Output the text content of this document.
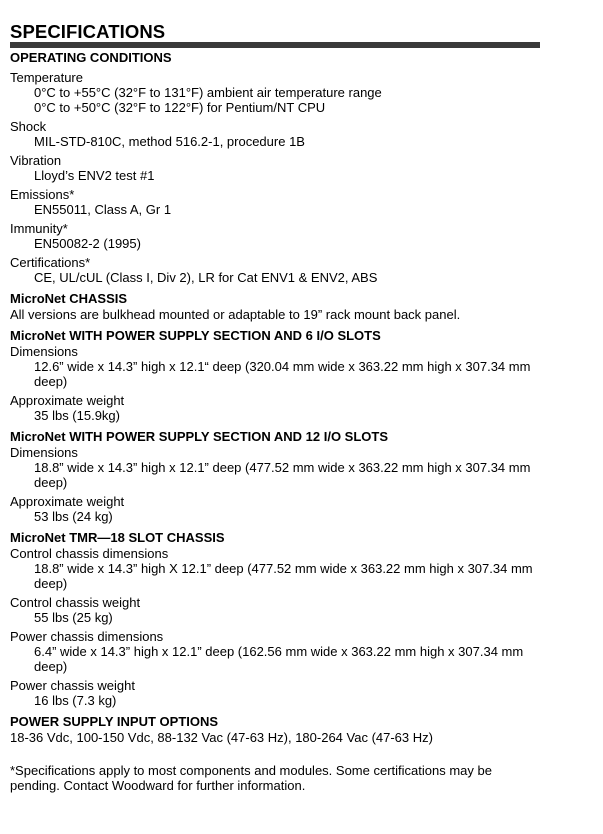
SPECIFICATIONS
OPERATING CONDITIONS
Temperature
0°C to +55°C (32°F to 131°F) ambient air temperature range
0°C to +50°C (32°F to 122°F) for Pentium/NT CPU
Shock
MIL-STD-810C, method 516.2-1, procedure 1B
Vibration
Lloyd’s ENV2 test #1
Emissions*
EN55011, Class A, Gr 1
Immunity*
EN50082-2 (1995)
Certifications*
CE, UL/cUL (Class I, Div 2), LR for Cat ENV1 & ENV2, ABS
MicroNet CHASSIS
All versions are bulkhead mounted or adaptable to 19” rack mount back panel.
MicroNet WITH POWER SUPPLY SECTION AND 6 I/O SLOTS
Dimensions
12.6” wide x 14.3” high x 12.1“ deep (320.04 mm wide x 363.22 mm high x 307.34 mm deep)
Approximate weight
35 lbs (15.9kg)
MicroNet WITH POWER SUPPLY SECTION AND 12 I/O SLOTS
Dimensions
18.8” wide x 14.3” high x 12.1” deep (477.52 mm wide x 363.22 mm high x 307.34 mm deep)
Approximate weight
53 lbs (24 kg)
MicroNet TMR—18 SLOT CHASSIS
Control chassis dimensions
18.8” wide x 14.3” high X 12.1” deep (477.52 mm wide x 363.22 mm high x 307.34 mm deep)
Control chassis weight
55 lbs (25 kg)
Power chassis dimensions
6.4” wide x 14.3” high x 12.1” deep (162.56 mm wide x 363.22 mm high x 307.34 mm deep)
Power chassis weight
16 lbs (7.3 kg)
POWER SUPPLY INPUT OPTIONS
18-36 Vdc, 100-150 Vdc, 88-132 Vac (47-63 Hz), 180-264 Vac (47-63 Hz)
*Specifications apply to most components and modules. Some certifications may be pending. Contact Woodward for further information.
